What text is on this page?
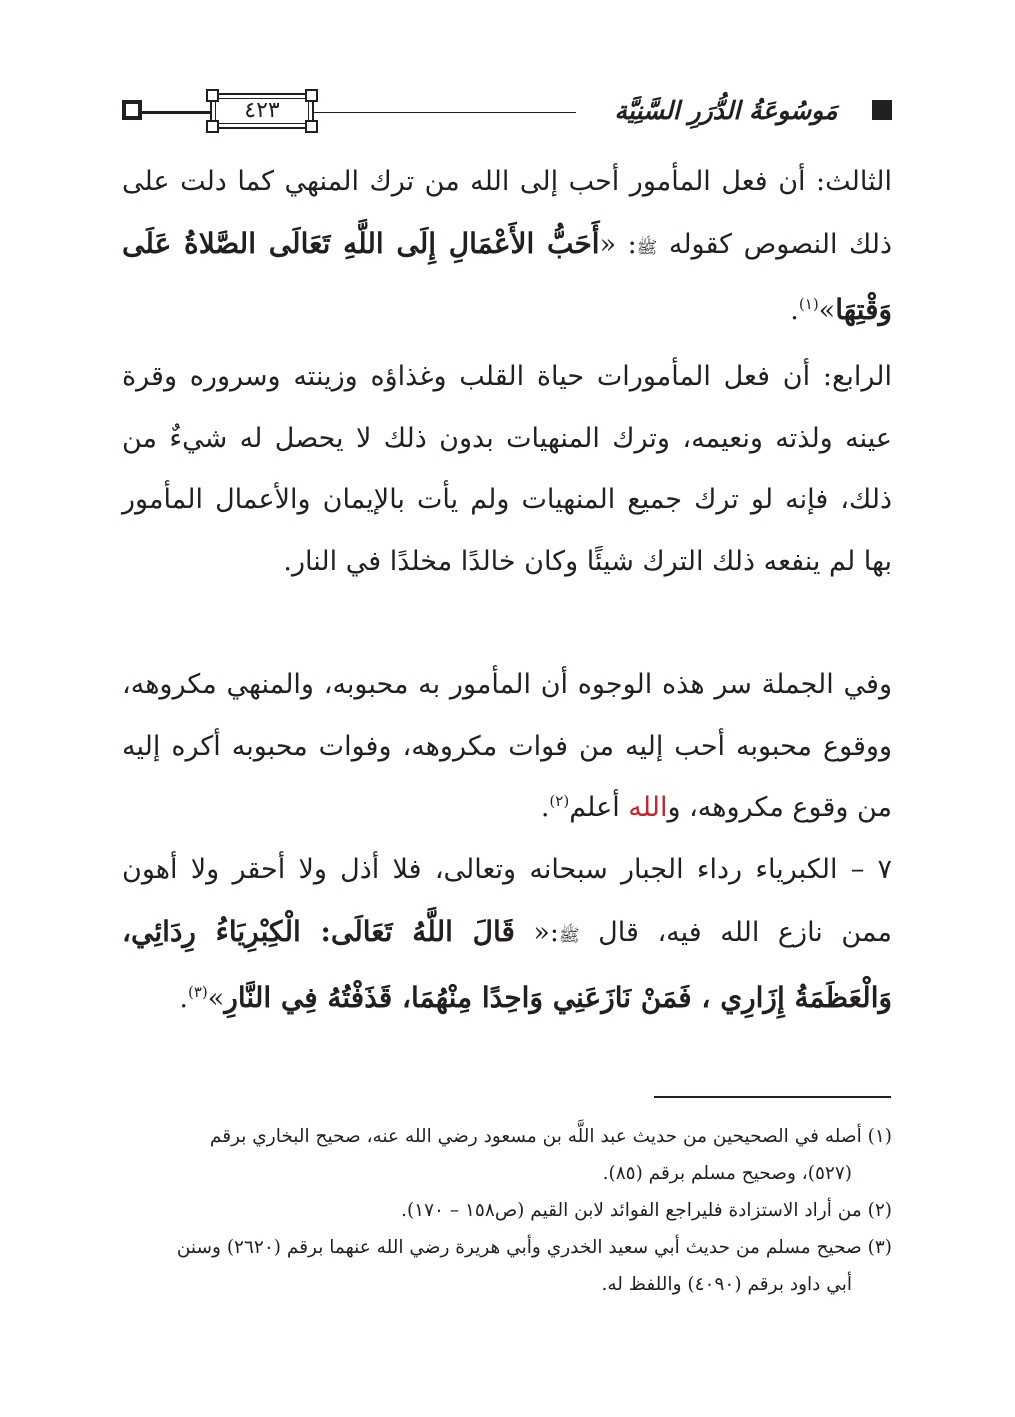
٤٢٣	مَوسُوعَةُ الدُّرَرِ السَّنِيَّة

الثالث: أن فعل المأمور أحب إلى الله من ترك المنهي كما دلت على ذلك النصوص كقوله ﷺ: «أَحَبُّ الأَعْمَالِ إِلَى اللَّهِ تَعَالَى الصَّلاةُ عَلَى وَقْتِهَا»$^{(١)}$.

الرابع: أن فعل المأمورات حياة القلب وغذاؤه وزينته وسروره وقرة عينه ولذته ونعيمه، وترك المنهيات بدون ذلك لا يحصل له شيءٌ من ذلك، فإنه لو ترك جميع المنهيات ولم يأت بالإيمان والأعمال المأمور بها لم ينفعه ذلك الترك شيئًا وكان خالدًا مخلدًا في النار.

وفي الجملة سر هذه الوجوه أن المأمور به محبوبه، والمنهي مكروهه، ووقوع محبوبه أحب إليه من فوات مكروهه، وفوات محبوبه أكره إليه من وقوع مكروهه، والله أعلم$^{(٢)}$.

٧ – الكبرياء رداء الجبار سبحانه وتعالى، فلا أذل ولا أحقر ولا أهون ممن نازع الله فيه، قال ﷺ:« قَالَ اللَّهُ تَعَالَى: الْكِبْرِيَاءُ رِدَائِي، وَالْعَظَمَةُ إِزَارِي ، فَمَنْ نَازَعَنِي وَاحِدًا مِنْهُمَا، قَذَفْتُهُ فِي النَّارِ»$^{(٣)}$.

(١) أصله في الصحيحين من حديث عبد اللَّه بن مسعود رضي الله عنه، صحيح البخاري برقم

(٥٢٧)، وصحيح مسلم برقم (٨٥).

(٢) من أراد الاستزادة فليراجع الفوائد لابن القيم (ص١٥٨ – ١٧٠).

(٣) صحيح مسلم من حديث أبي سعيد الخدري وأبي هريرة رضي الله عنهما برقم (٢٦٢٠) وسنن

أبي داود برقم (٤٠٩٠) واللفظ له.
